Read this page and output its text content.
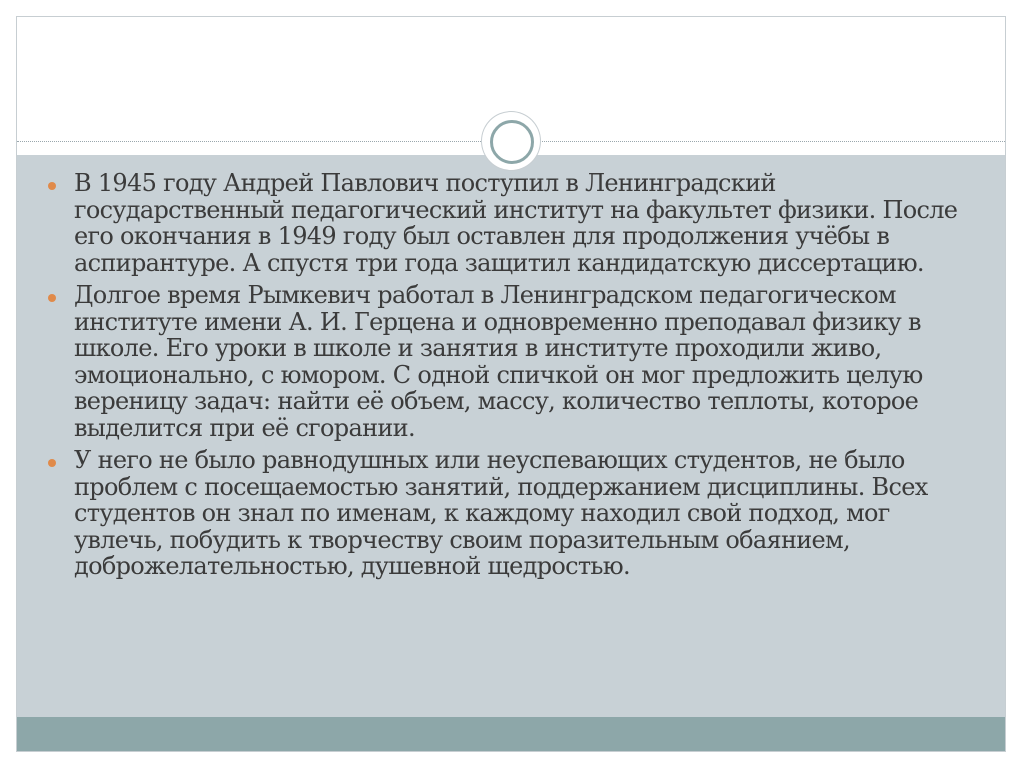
В 1945 году Андрей Павлович поступил в Ленинградский государственный педагогический институт на факультет физики. После его окончания в 1949 году был оставлен для продолжения учёбы в аспирантуре. А спустя три года защитил кандидатскую диссертацию.
Долгое время Рымкевич работал в Ленинградском педагогическом институте имени А. И. Герцена и одновременно преподавал физику в школе. Его уроки в школе и занятия в институте проходили живо, эмоционально, с юмором. С одной спичкой он мог предложить целую вереницу задач: найти её объем, массу, количество теплоты, которое выделится при её сгорании.
У него не было равнодушных или неуспевающих студентов, не было проблем с посещаемостью занятий, поддержанием дисциплины. Всех студентов он знал по именам, к каждому находил свой подход, мог увлечь, побудить к творчеству своим поразительным обаянием, доброжелательностью, душевной щедростью.
